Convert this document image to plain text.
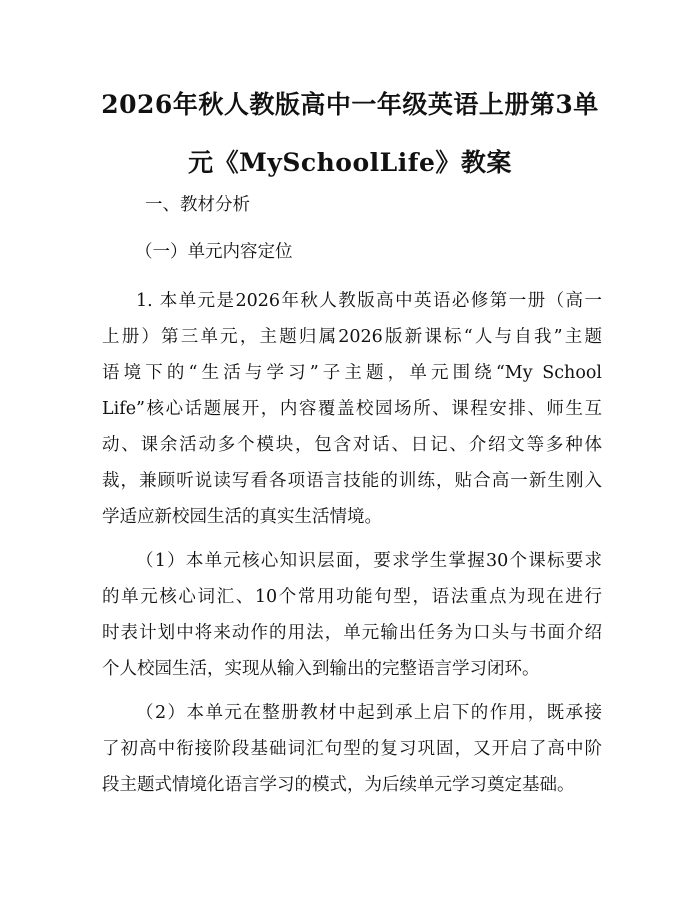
2026年秋人教版高中一年级英语上册第3单
元《MySchoolLife》教案
一、教材分析
（一）单元内容定位
1. 本单元是2026年秋人教版高中英语必修第一册（高一
上册）第三单元，主题归属2026版新课标“人与自我”主题
语境下的“生活与学习”子主题，单元围绕“My School
Life”核心话题展开，内容覆盖校园场所、课程安排、师生互
动、课余活动多个模块，包含对话、日记、介绍文等多种体
裁，兼顾听说读写看各项语言技能的训练，贴合高一新生刚入
学适应新校园生活的真实生活情境。
（1）本单元核心知识层面，要求学生掌握30个课标要求
的单元核心词汇、10个常用功能句型，语法重点为现在进行
时表计划中将来动作的用法，单元输出任务为口头与书面介绍
个人校园生活，实现从输入到输出的完整语言学习闭环。
（2）本单元在整册教材中起到承上启下的作用，既承接
了初高中衔接阶段基础词汇句型的复习巩固，又开启了高中阶
段主题式情境化语言学习的模式，为后续单元学习奠定基础。
